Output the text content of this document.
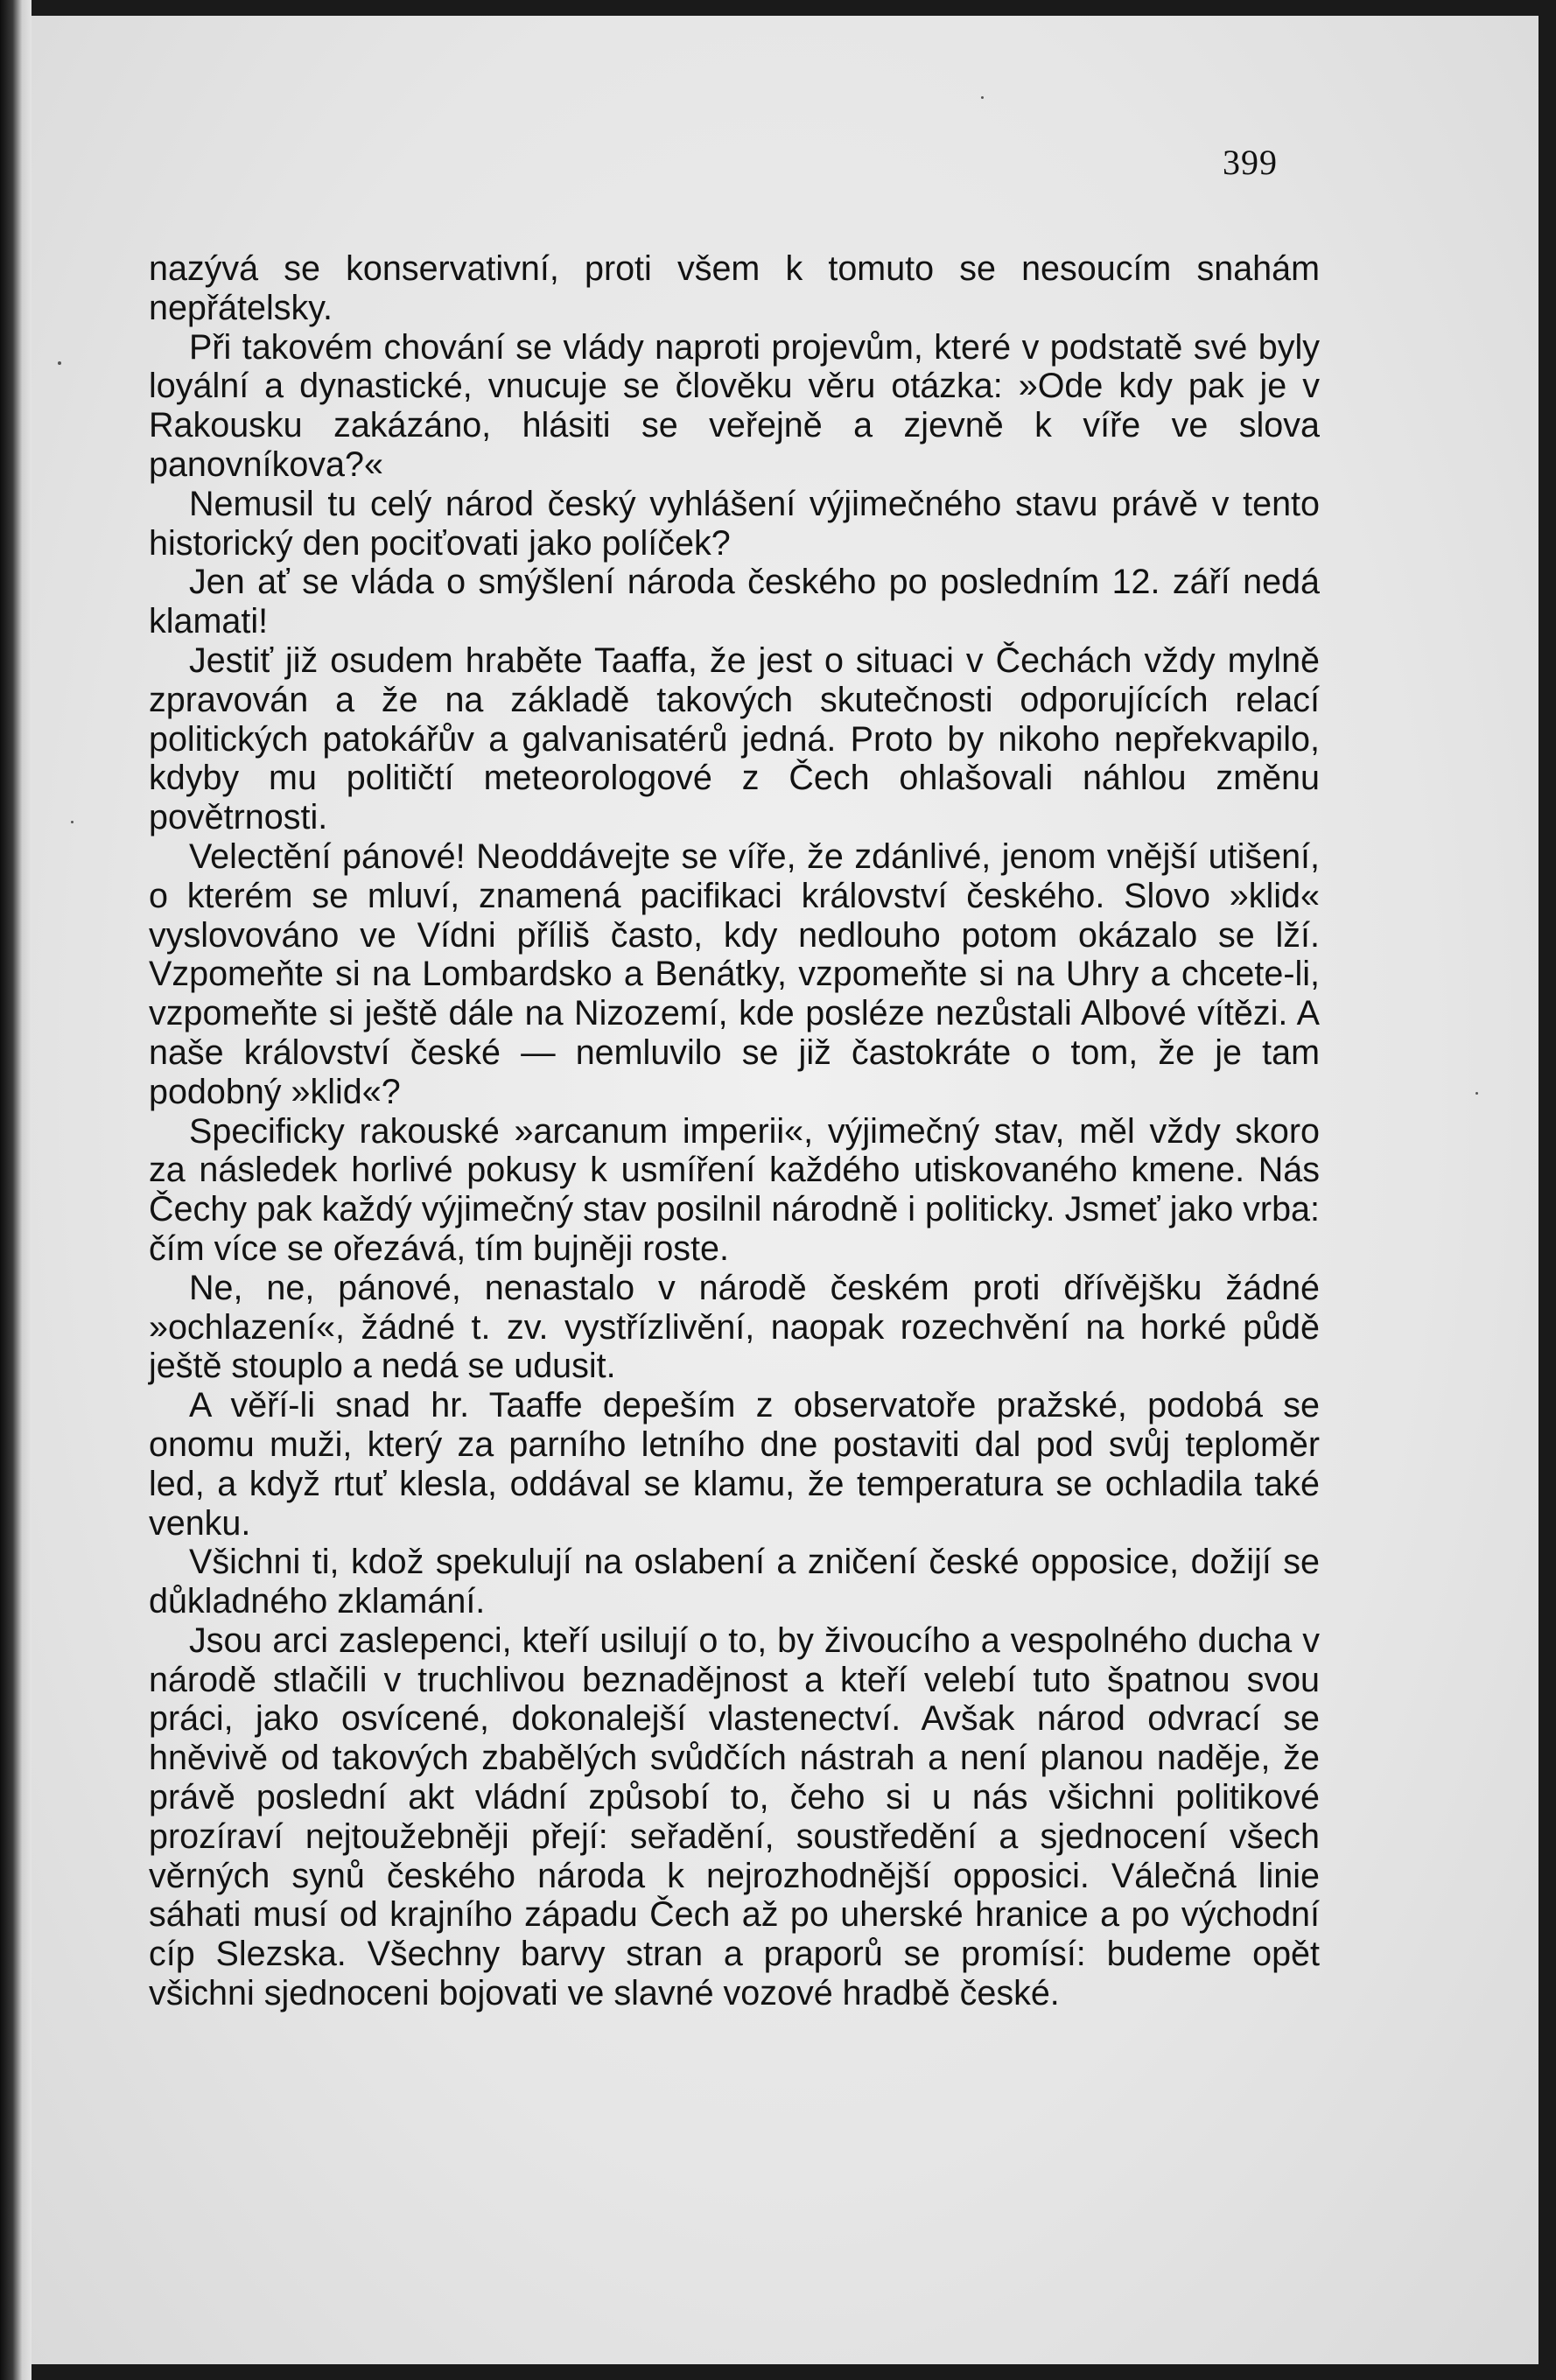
399

nazývá se konservativní, proti všem k tomuto se nesoucím snahám nepřátelsky.

Při takovém chování se vlády naproti projevům, které v podstatě své byly loyální a dynastické, vnucuje se člověku věru otázka: »Ode kdy pak je v Rakousku zakázáno, hlásiti se veřejně a zjevně k víře ve slova panovníkova?«

Nemusil tu celý národ český vyhlášení výjimečného stavu právě v tento historický den pociťovati jako políček?

Jen ať se vláda o smýšlení národa českého po posledním 12. září nedá klamati!

Jestiť již osudem hraběte Taaffa, že jest o situaci v Čechách vždy mylně zpravován a že na základě takových skutečnosti odporujících relací politických patokářův a galvanisatérů jedná. Proto by nikoho nepřekvapilo, kdyby mu političtí meteorologové z Čech ohlašovali náhlou změnu povětrnosti.

Velectění pánové! Neoddávejte se víře, že zdánlivé, jenom vnější utišení, o kterém se mluví, znamená pacifikaci království českého. Slovo »klid« vyslovováno ve Vídni příliš často, kdy nedlouho potom okázalo se lží. Vzpomeňte si na Lombardsko a Benátky, vzpomeňte si na Uhry a chcete-li, vzpomeňte si ještě dále na Nizozemí, kde posléze nezůstali Albové vítězi. A naše království české — nemluvilo se již častokráte o tom, že je tam podobný »klid«?

Specificky rakouské »arcanum imperii«, výjimečný stav, měl vždy skoro za následek horlivé pokusy k usmíření každého utiskovaného kmene. Nás Čechy pak každý výjimečný stav posilnil národně i politicky. Jsmeť jako vrba: čím více se ořezává, tím bujněji roste.

Ne, ne, pánové, nenastalo v národě českém proti dřívějšku žádné »ochlazení«, žádné t. zv. vystřízlivění, naopak rozechvění na horké půdě ještě stouplo a nedá se udusit.

A věří-li snad hr. Taaffe depeším z observatoře pražské, podobá se onomu muži, který za parního letního dne postaviti dal pod svůj teploměr led, a když rtuť klesla, oddával se klamu, že temperatura se ochladila také venku.

Všichni ti, kdož spekulují na oslabení a zničení české opposice, dožijí se důkladného zklamání.

Jsou arci zaslepenci, kteří usilují o to, by živoucího a vespolného ducha v národě stlačili v truchlivou beznadějnost a kteří velebí tuto špatnou svou práci, jako osvícené, dokonalejší vlastenectví. Avšak národ odvrací se hněvivě od takových zbabělých svůdčích nástrah a není planou naděje, že právě poslední akt vládní způsobí to, čeho si u nás všichni politikové prozíraví nejtoužebněji přejí: seřadění, soustředění a sjednocení všech věrných synů českého národa k nejrozhodnější opposici. Válečná linie sáhati musí od krajního západu Čech až po uherské hranice a po východní cíp Slezska. Všechny barvy stran a praporů se promísí: budeme opět všichni sjednoceni bojovati ve slavné vozové hradbě české.
